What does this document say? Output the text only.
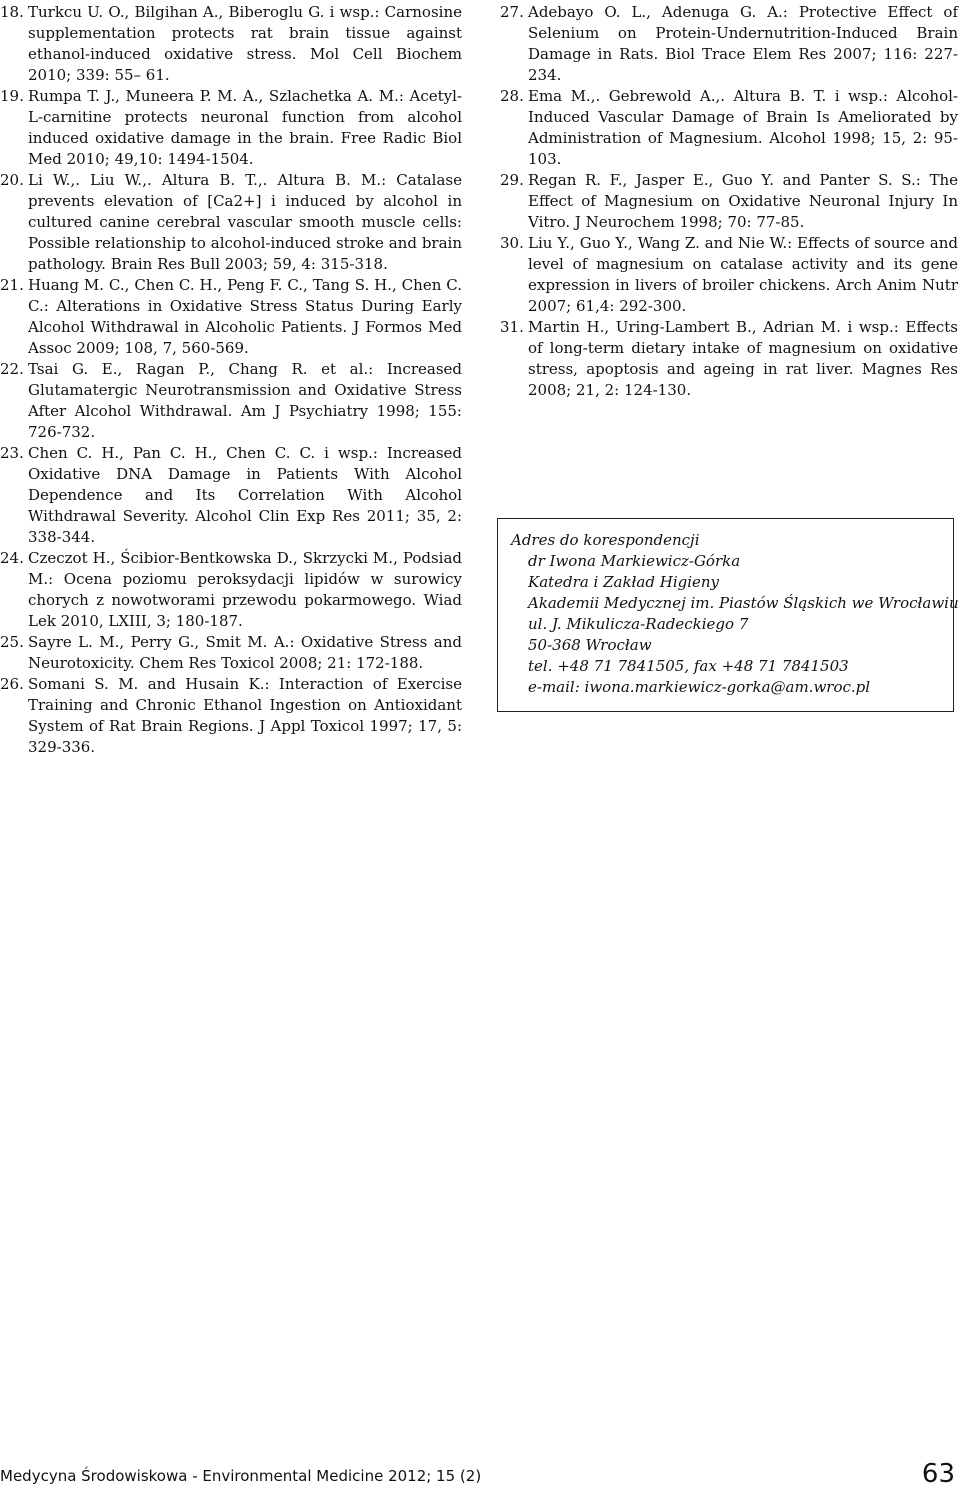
18. Turkcu U. O., Bilgihan A., Biberoglu G. i wsp.: Carnosine supplementation protects rat brain tissue against ethanol-induced oxidative stress. Mol Cell Biochem 2010; 339: 55– 61.
19. Rumpa T. J., Muneera P. M. A., Szlachetka A. M.: Acetyl-L-carnitine protects neuronal function from alcohol induced oxidative damage in the brain. Free Radic Biol Med 2010; 49,10: 1494-1504.
20. Li W.,. Liu W.,. Altura B. T.,. Altura B. M.: Catalase prevents elevation of [Ca2+] i induced by alcohol in cultured canine cerebral vascular smooth muscle cells: Possible relationship to alcohol-induced stroke and brain pathology. Brain Res Bull 2003; 59, 4: 315-318.
21. Huang M. C., Chen C. H., Peng F. C., Tang S. H., Chen C. C.: Alterations in Oxidative Stress Status During Early Alcohol Withdrawal in Alcoholic Patients. J Formos Med Assoc 2009; 108, 7, 560-569.
22. Tsai G. E., Ragan P., Chang R. et al.: Increased Glutamatergic Neurotransmission and Oxidative Stress After Alcohol Withdrawal. Am J Psychiatry 1998; 155: 726-732.
23. Chen C. H., Pan C. H., Chen C. C. i wsp.: Increased Oxidative DNA Damage in Patients With Alcohol Dependence and Its Correlation With Alcohol Withdrawal Severity. Alcohol Clin Exp Res 2011; 35, 2: 338-344.
24. Czeczot H., Ścibior-Bentkowska D., Skrzycki M., Podsiad M.: Ocena poziomu peroksydacji lipidów w surowicy chorych z nowotworami przewodu pokarmowego. Wiad Lek 2010, LXIII, 3; 180-187.
25. Sayre L. M., Perry G., Smit M. A.: Oxidative Stress and Neurotoxicity. Chem Res Toxicol 2008; 21: 172-188.
26. Somani S. M. and Husain K.: Interaction of Exercise Training and Chronic Ethanol Ingestion on Antioxidant System of Rat Brain Regions. J Appl Toxicol 1997; 17, 5: 329-336.
27. Adebayo O. L., Adenuga G. A.: Protective Effect of Selenium on Protein-Undernutrition-Induced Brain Damage in Rats. Biol Trace Elem Res 2007; 116: 227-234.
28. Ema M.,. Gebrewold A.,. Altura B. T. i wsp.: Alcohol-Induced Vascular Damage of Brain Is Ameliorated by Administration of Magnesium. Alcohol 1998; 15, 2: 95-103.
29. Regan R. F., Jasper E., Guo Y. and Panter S. S.: The Effect of Magnesium on Oxidative Neuronal Injury In Vitro. J Neurochem 1998; 70: 77-85.
30. Liu Y., Guo Y., Wang Z. and Nie W.: Effects of source and level of magnesium on catalase activity and its gene expression in livers of broiler chickens. Arch Anim Nutr 2007; 61,4: 292-300.
31. Martin H., Uring-Lambert B., Adrian M. i wsp.: Effects of long-term dietary intake of magnesium on oxidative stress, apoptosis and ageing in rat liver. Magnes Res 2008; 21, 2: 124-130.

Adres do korespondencji

dr Iwona Markiewicz-Górka

Katedra i Zakład Higieny

Akademii Medycznej im. Piastów Śląskich we Wrocławiu

ul. J. Mikulicza-Radeckiego 7

50-368 Wrocław

tel. +48 71 7841505, fax +48 71 7841503

e-mail: iwona.markiewicz-gorka@am.wroc.pl

Medycyna Środowiskowa - Environmental Medicine 2012; 15 (2)	63
